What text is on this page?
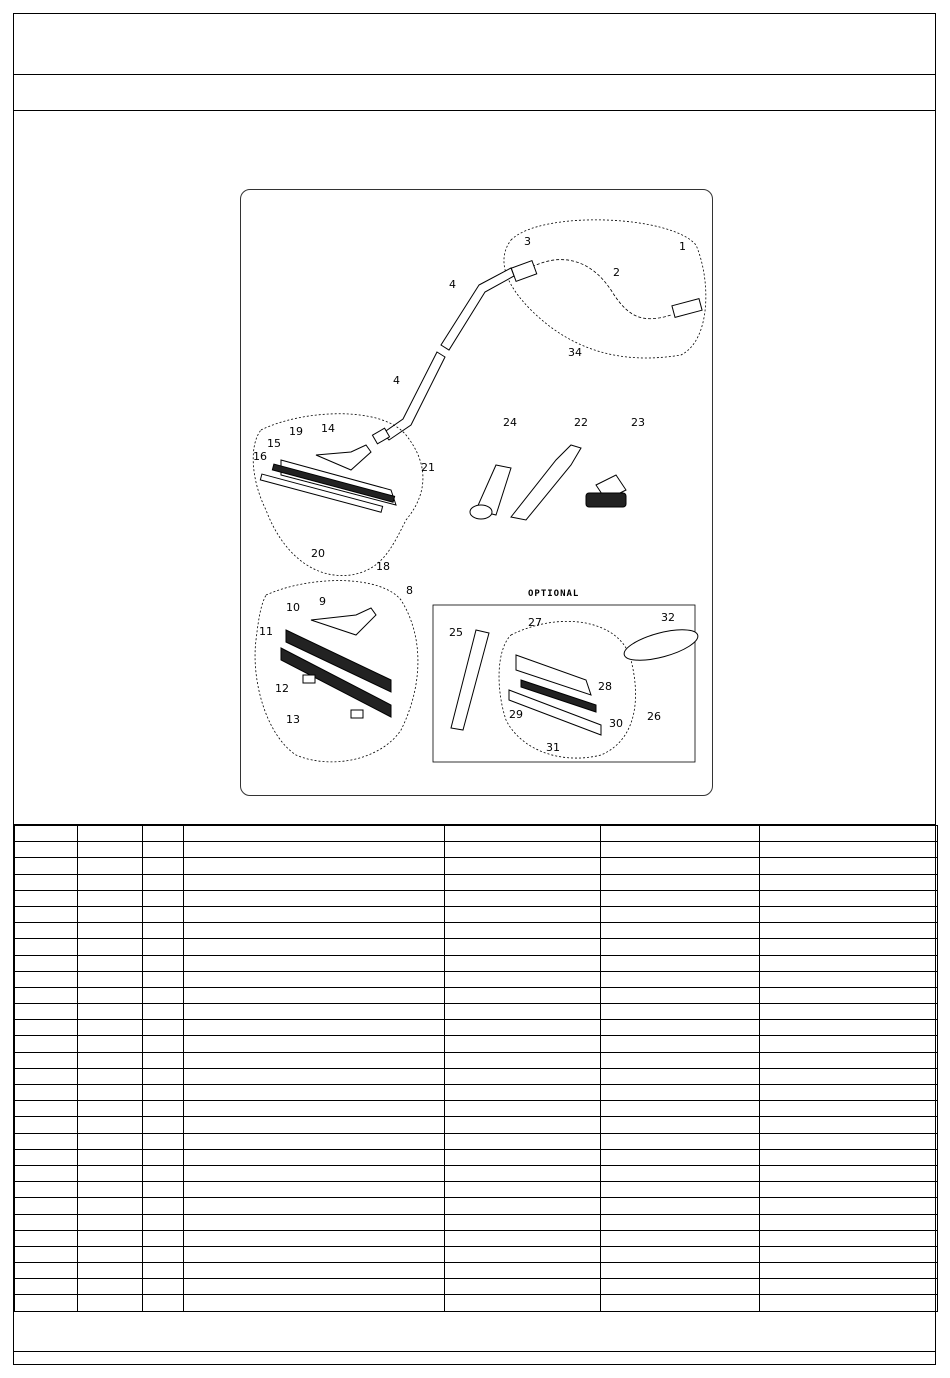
OPTIONAL
1
2
3
4
4
34
24	22	23
14
19
15
16
21
20
18
10 9
8
11
12
13
25
27	32
28
29
30
26
31
